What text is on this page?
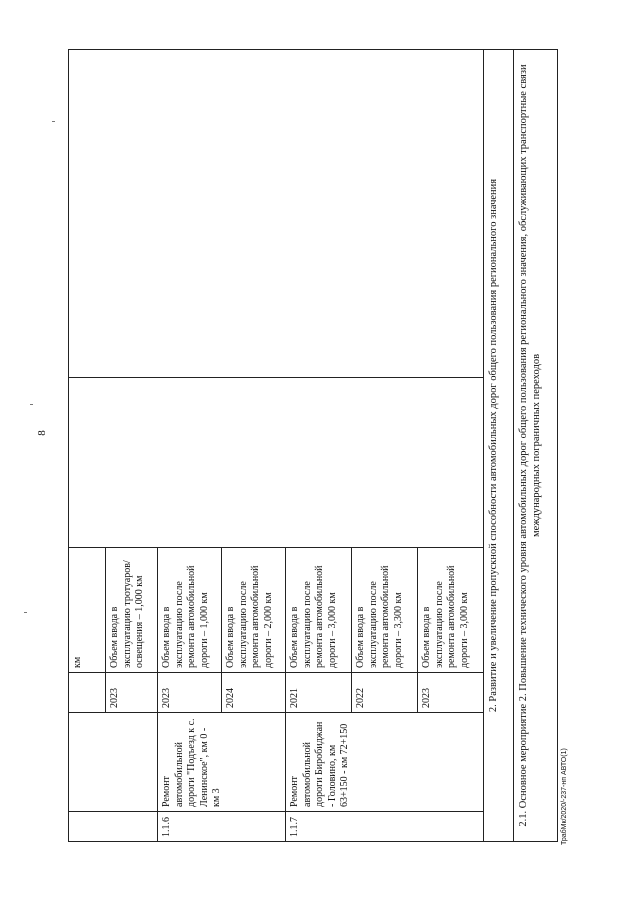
8
			км		
		2023	Объем ввода в эксплуатацию тротуаров/освещения – 1,000 км		
1.1.6	Ремонт автомобильной дороги "Подъезд к с. Ленинское", км 0 - км 3	2023	Объем ввода в эксплуатацию после ремонта автомобильной дороги – 1,000 км		
		2024	Объем ввода в эксплуатацию после ремонта автомобильной дороги – 2,000 км		
1.1.7	Ремонт автомобильной дороги Биробиджан - Головино, км 63+150 - км 72+150	2021	Объем ввода в эксплуатацию после ремонта автомобильной дороги – 3,000 км		
		2022	Объем ввода в эксплуатацию после ремонта автомобильной дороги – 3,300 км		
		2023	Объем ввода в эксплуатацию после ремонта автомобильной дороги – 3,000 км		
2. Развитие и увеличение пропускной способности автомобильных дорог общего пользования регионального значения					
2.1. Основное мероприятие 2. Повышение технического уровня автомобильных дорог общего пользования регионального значения, обслуживающих транспортные связи международных пограничных переходов					
ТрабМк/2020/-237-нп АВТО(1)
